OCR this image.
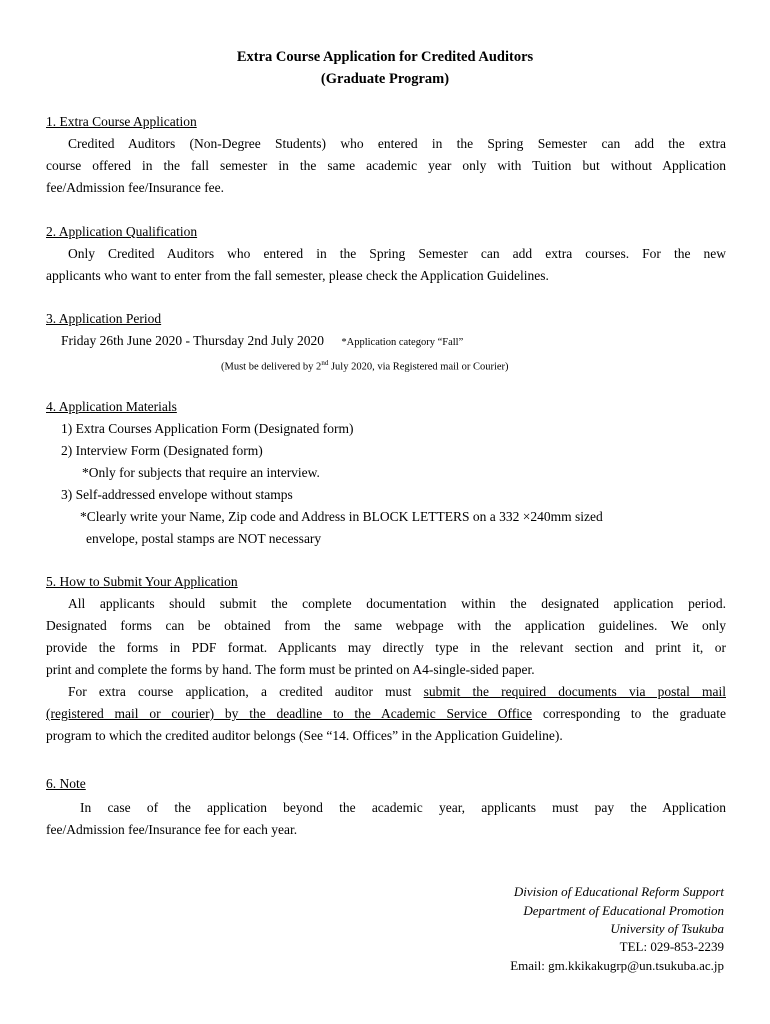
Extra Course Application for Credited Auditors
(Graduate Program)
1. Extra Course Application
Credited Auditors (Non-Degree Students) who entered in the Spring Semester can add the extra
course offered in the fall semester in the same academic year only with Tuition but without Application
fee/Admission fee/Insurance fee.
2. Application Qualification
Only Credited Auditors who entered in the Spring Semester can add extra courses. For the new
applicants who want to enter from the fall semester, please check the Application Guidelines.
3. Application Period
Friday 26th June 2020 - Thursday 2nd July 2020 *Application category “Fall”
(Must be delivered by 2nd July 2020, via Registered mail or Courier)
4. Application Materials
1) Extra Courses Application Form (Designated form)
2) Interview Form (Designated form)
*Only for subjects that require an interview.
3) Self-addressed envelope without stamps
*Clearly write your Name, Zip code and Address in BLOCK LETTERS on a 332 ×240mm sized
envelope, postal stamps are NOT necessary
5. How to Submit Your Application
All applicants should submit the complete documentation within the designated application period.
Designated forms can be obtained from the same webpage with the application guidelines. We only
provide the forms in PDF format. Applicants may directly type in the relevant section and print it, or
print and complete the forms by hand. The form must be printed on A4-single-sided paper.
For extra course application, a credited auditor must submit the required documents via postal mail
(registered mail or courier) by the deadline to the Academic Service Office corresponding to the graduate
program to which the credited auditor belongs (See “14. Offices” in the Application Guideline).
6. Note
In case of the application beyond the academic year, applicants must pay the Application
fee/Admission fee/Insurance fee for each year.
Division of Educational Reform Support
Department of Educational Promotion
University of Tsukuba
TEL: 029-853-2239
Email: gm.kkikakugrp@un.tsukuba.ac.jp
